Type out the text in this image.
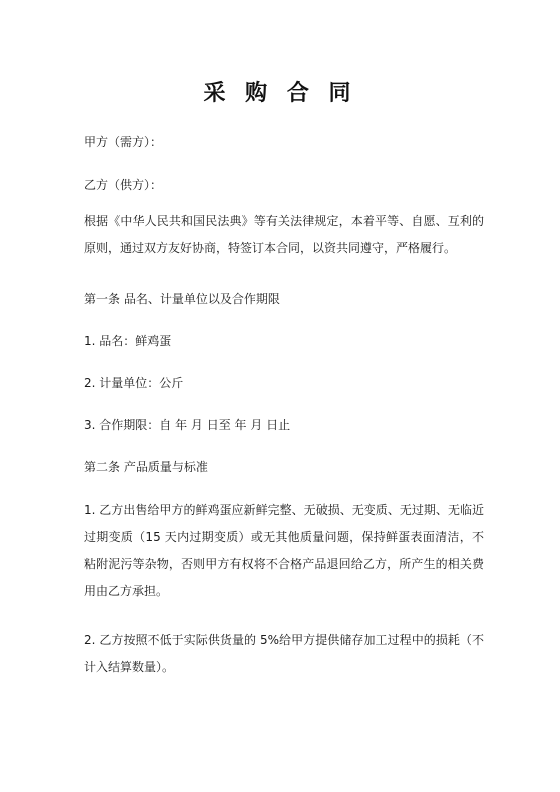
采 购 合 同
甲方（需方）：
乙方（供方）：
根据《中华人民共和国民法典》等有关法律规定，本着平等、自愿、互利的原则，通过双方友好协商，特签订本合同，以资共同遵守，严格履行。
第一条 品名、计量单位以及合作期限
1. 品名：鲜鸡蛋
2. 计量单位：公斤
3. 合作期限：自 年 月 日至 年 月 日止
第二条 产品质量与标准
1. 乙方出售给甲方的鲜鸡蛋应新鲜完整、无破损、无变质、无过期、无临近过期变质（15 天内过期变质）或无其他质量问题，保持鲜蛋表面清洁，不粘附泥污等杂物，否则甲方有权将不合格产品退回给乙方，所产生的相关费用由乙方承担。
2. 乙方按照不低于实际供货量的 5%给甲方提供储存加工过程中的损耗（不计入结算数量）。
